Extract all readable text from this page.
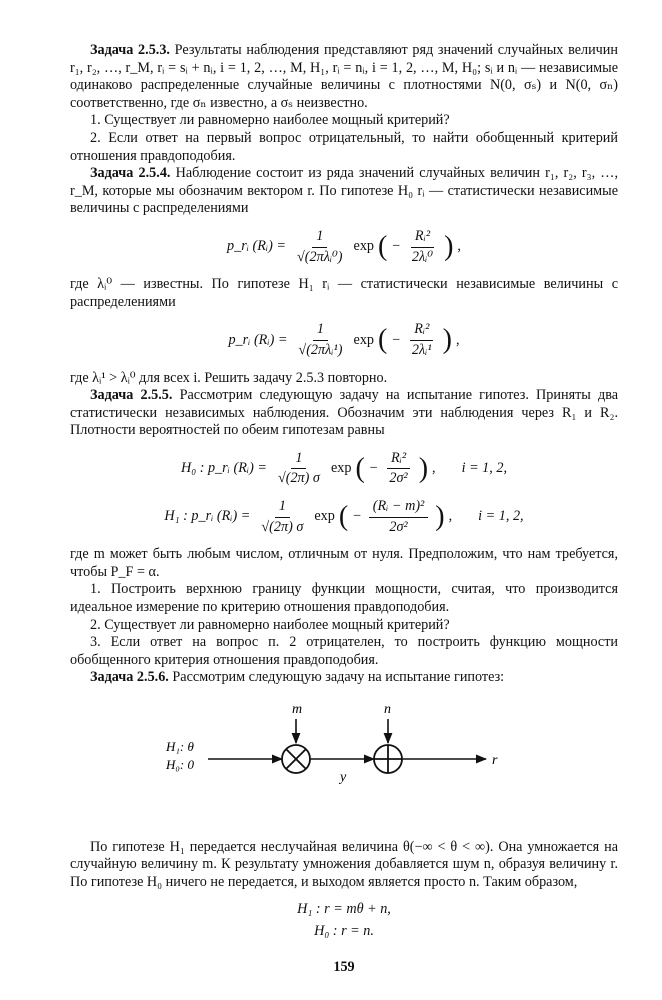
Задача 2.5.3. Результаты наблюдения представляют ряд значений случайных величин r₁, r₂, …, r_M, rᵢ = sᵢ + nᵢ, i = 1, 2, …, M, H₁, rᵢ = nᵢ, i = 1, 2, …, M, H₀; sᵢ и nᵢ — независимые одинаково распределенные случайные величины с плотностями N(0, σₛ) и N(0, σₙ) соответственно, где σₙ известно, а σₛ неизвестно.

1. Существует ли равномерно наиболее мощный критерий?

2. Если ответ на первый вопрос отрицательный, то найти обобщенный критерий отношения правдоподобия.

Задача 2.5.4. Наблюдение состоит из ряда значений случайных величин r₁, r₂, r₃, …, r_M, которые мы обозначим вектором r. По гипотезе H₀ rᵢ — статистически независимые величины с распределениями

p_rᵢ (Rᵢ) = $\frac{1}{\text{√(2πλᵢ⁰)}}$ exp ( − $\frac{\text{Rᵢ²}}{\text{2λᵢ⁰}}$ ) ,

где λᵢ⁰ — известны. По гипотезе H₁ rᵢ — статистически независимые величины с распределениями

p_rᵢ (Rᵢ) = $\frac{1}{\text{√(2πλᵢ¹)}}$ exp ( − $\frac{\text{Rᵢ²}}{\text{2λᵢ¹}}$ ) ,

где λᵢ¹ > λᵢ⁰ для всех i. Решить задачу 2.5.3 повторно.

Задача 2.5.5. Рассмотрим следующую задачу на испытание гипотез. Приняты два статистически независимых наблюдения. Обозначим эти наблюдения через R₁ и R₂. Плотности вероятностей по обеим гипотезам равны

H₀ : p_rᵢ (Rᵢ) = $\frac{1}{√(2\pi) \sigma}$ exp ( − $\frac{\text{Rᵢ²}}{\text{2σ²}}$ ) , i = 1, 2,
H₁ : p_rᵢ (Rᵢ) = $\frac{1}{√(2\pi) \sigma}$ exp ( − $\frac{\text{(Rᵢ − m)²}}{\text{2σ²}}$ ) , i = 1, 2,

где m может быть любым числом, отличным от нуля. Предположим, что нам требуется, чтобы P_F = α.

1. Построить верхнюю границу функции мощности, считая, что производится идеальное измерение по критерию отношения правдоподобия.

2. Существует ли равномерно наиболее мощный критерий?

3. Если ответ на вопрос п. 2 отрицателен, то построить функцию мощности обобщенного критерия отношения правдоподобия.

Задача 2.5.6. Рассмотрим следующую задачу на испытание гипотез:

H₁: θ
H₀: 0
m
y
n
r

По гипотезе H₁ передается неслучайная величина θ(−∞ < θ < ∞). Она умножается на случайную величину m. К результату умножения добавляется шум n, образуя величину r. По гипотезе H₀ ничего не передается, и выходом является просто n. Таким образом,

H₁ : r = mθ + n,
H₀ : r = n.
159
